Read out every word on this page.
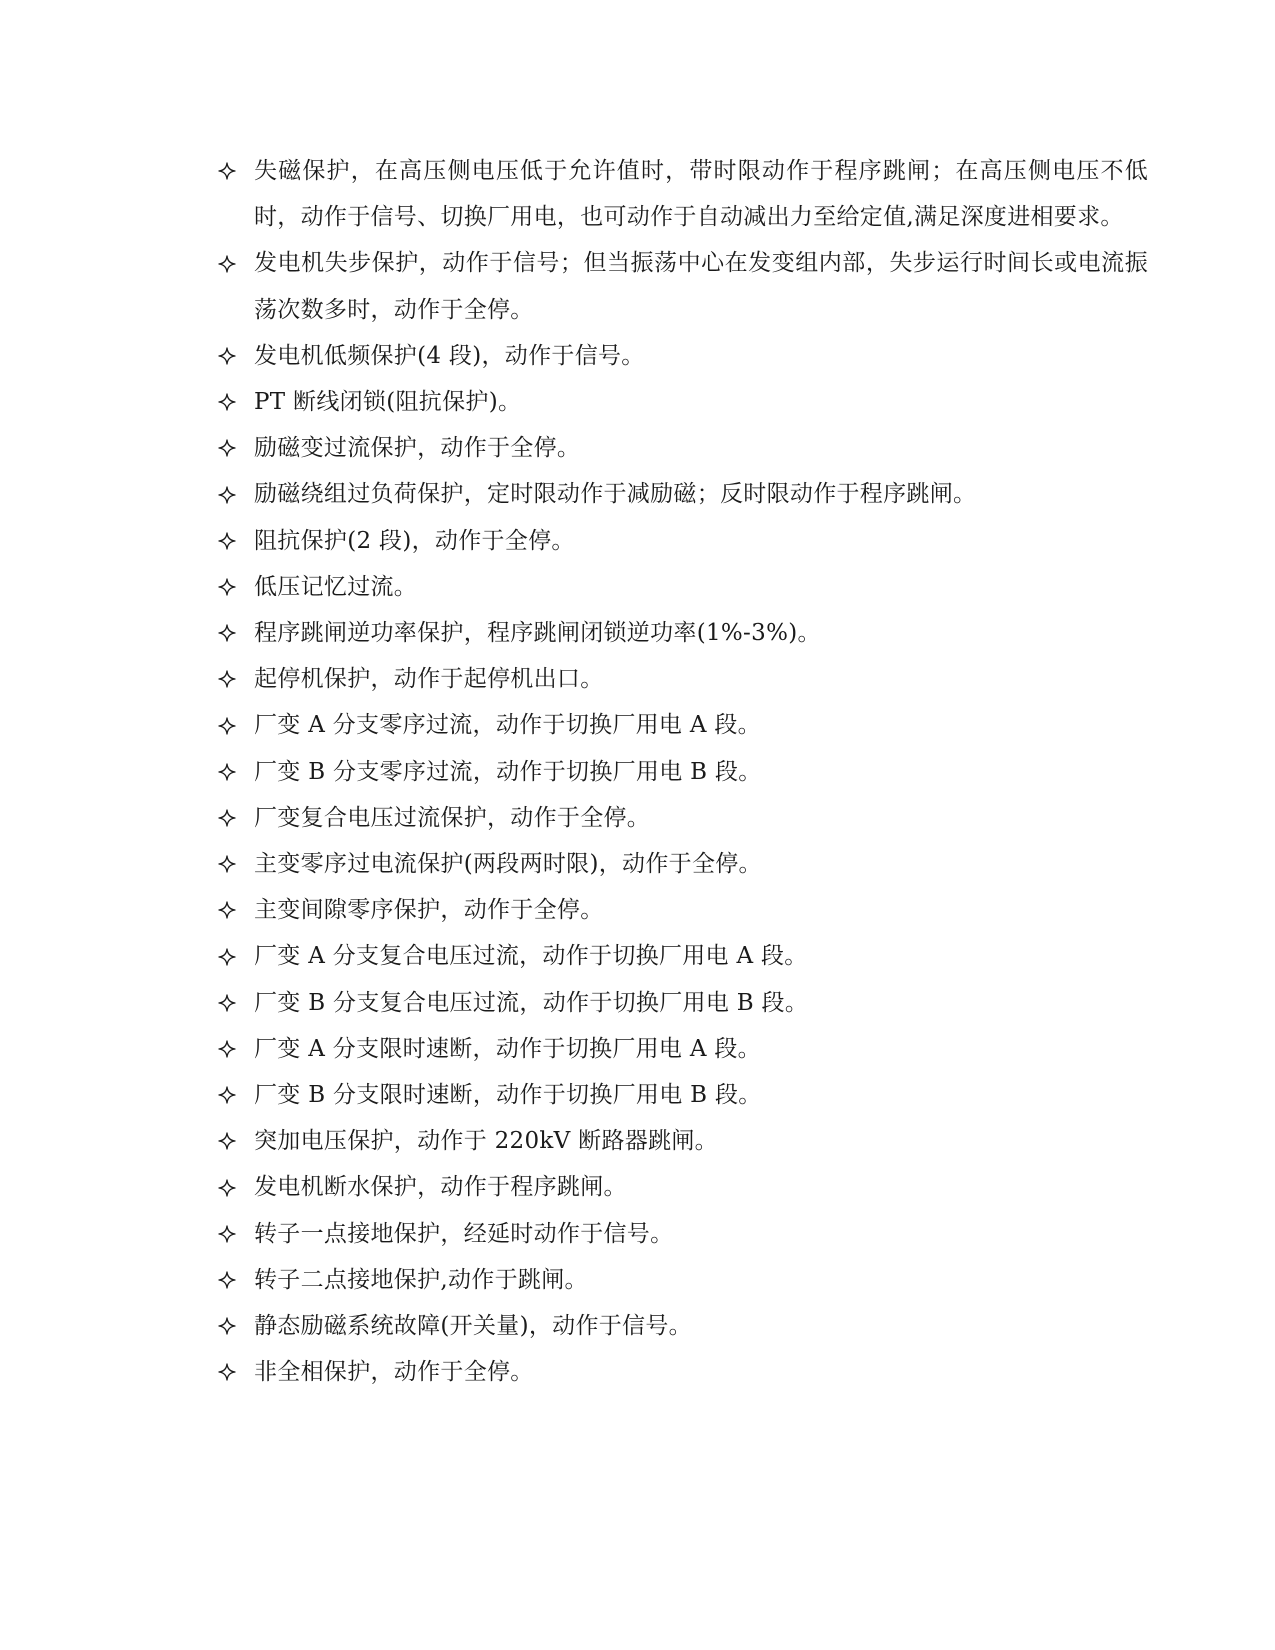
失磁保护，在高压侧电压低于允许值时，带时限动作于程序跳闸；在高压侧电压不低时，动作于信号、切换厂用电，也可动作于自动减出力至给定值,满足深度进相要求。
发电机失步保护，动作于信号；但当振荡中心在发变组内部，失步运行时间长或电流振荡次数多时，动作于全停。
发电机低频保护(4 段)，动作于信号。
PT 断线闭锁(阻抗保护)。
励磁变过流保护，动作于全停。
励磁绕组过负荷保护，定时限动作于减励磁；反时限动作于程序跳闸。
阻抗保护(2 段)，动作于全停。
低压记忆过流。
程序跳闸逆功率保护，程序跳闸闭锁逆功率(1%-3%)。
起停机保护，动作于起停机出口。
厂变 A 分支零序过流，动作于切换厂用电 A 段。
厂变 B 分支零序过流，动作于切换厂用电 B 段。
厂变复合电压过流保护，动作于全停。
主变零序过电流保护(两段两时限)，动作于全停。
主变间隙零序保护，动作于全停。
厂变 A 分支复合电压过流，动作于切换厂用电 A 段。
厂变 B 分支复合电压过流，动作于切换厂用电 B 段。
厂变 A 分支限时速断，动作于切换厂用电 A 段。
厂变 B 分支限时速断，动作于切换厂用电 B 段。
突加电压保护，动作于 220kV 断路器跳闸。
发电机断水保护，动作于程序跳闸。
转子一点接地保护，经延时动作于信号。
转子二点接地保护,动作于跳闸。
静态励磁系统故障(开关量)，动作于信号。
非全相保护，动作于全停。
